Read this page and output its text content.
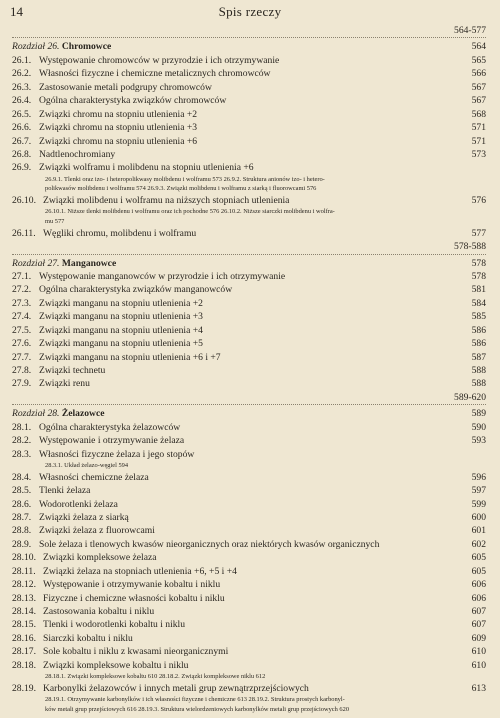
14	Spis rzeczy
564-577
Rozdział 26. Chromowce	564
26.1. Występowanie chromowców w przyrodzie i ich otrzymywanie	565
26.2. Własności fizyczne i chemiczne metalicznych chromowców	566
26.3. Zastosowanie metali podgrupy chromowców	567
26.4. Ogólna charakterystyka związków chromowców	567
26.5. Związki chromu na stopniu utlenienia +2	568
26.6. Związki chromu na stopniu utlenienia +3	571
26.7. Związki chromu na stopniu utlenienia +6	571
26.8. Nadtlenochromiany	573
26.9. Związki wolframu i molibdenu na stopniu utlenienia +6
26.9.1. Tlenki oraz izo- i heteropolikwasy molibdenu i wolframu 573 26.9.2. Struktura anionów izo- i hetero-
polikwasów molibdenu i wolframu 574 26.9.3. Związki molibdenu i wolframu z siarką i fluorowcami 576
26.10. Związki molibdenu i wolframu na niższych stopniach utlenienia	576
26.10.1. Niższe tlenki molibdenu i wolframu oraz ich pochodne 576 26.10.2. Niższe siarczki molibdenu i wolfra-
mu 577
26.11. Węgliki chromu, molibdenu i wolframu	577
578-588
Rozdział 27. Manganowce	578
27.1. Występowanie manganowców w przyrodzie i ich otrzymywanie	578
27.2. Ogólna charakterystyka związków manganowców	581
27.3. Związki manganu na stopniu utlenienia +2	584
27.4. Związki manganu na stopniu utlenienia +3	585
27.5. Związki manganu na stopniu utlenienia +4	586
27.6. Związki manganu na stopniu utlenienia +5	586
27.7. Związki manganu na stopniu utlenienia +6 i +7	587
27.8. Związki technetu	588
27.9. Związki renu	588
589-620
Rozdział 28. Żelazowce	589
28.1. Ogólna charakterystyka żelazowców	590
28.2. Występowanie i otrzymywanie żelaza	593
28.3. Własności fizyczne żelaza i jego stopów
28.3.1. Układ żelazo-węgiel 594
28.4. Własności chemiczne żelaza	596
28.5. Tlenki żelaza	597
28.6. Wodorotlenki żelaza	599
28.7. Związki żelaza z siarką	600
28.8. Związki żelaza z fluorowcami	601
28.9. Sole żelaza i tlenowych kwasów nieorganicznych oraz niektórych kwasów organicznych	602
28.10. Związki kompleksowe żelaza	605
28.11. Związki żelaza na stopniach utlenienia +6, +5 i +4	605
28.12. Występowanie i otrzymywanie kobaltu i niklu	606
28.13. Fizyczne i chemiczne własności kobaltu i niklu	606
28.14. Zastosowania kobaltu i niklu	607
28.15. Tlenki i wodorotlenki kobaltu i niklu	607
28.16. Siarczki kobaltu i niklu	609
28.17. Sole kobaltu i niklu z kwasami nieorganicznymi	610
28.18. Związki kompleksowe kobaltu i niklu	610
28.18.1. Związki kompleksowe kobaltu 610 28.18.2. Związki kompleksowe niklu 612
28.19. Karbonylki żelazowców i innych metali grup zewnątrzprzejściowych	613
28.19.1. Otrzymywanie karbonylków i ich własności fizyczne i chemiczne 613 28.19.2. Struktura prostych karbonyl-
ków metali grup przejściowych 616 28.19.3. Struktura wielordzeniowych karbonylków metali grup przejściowych 620
